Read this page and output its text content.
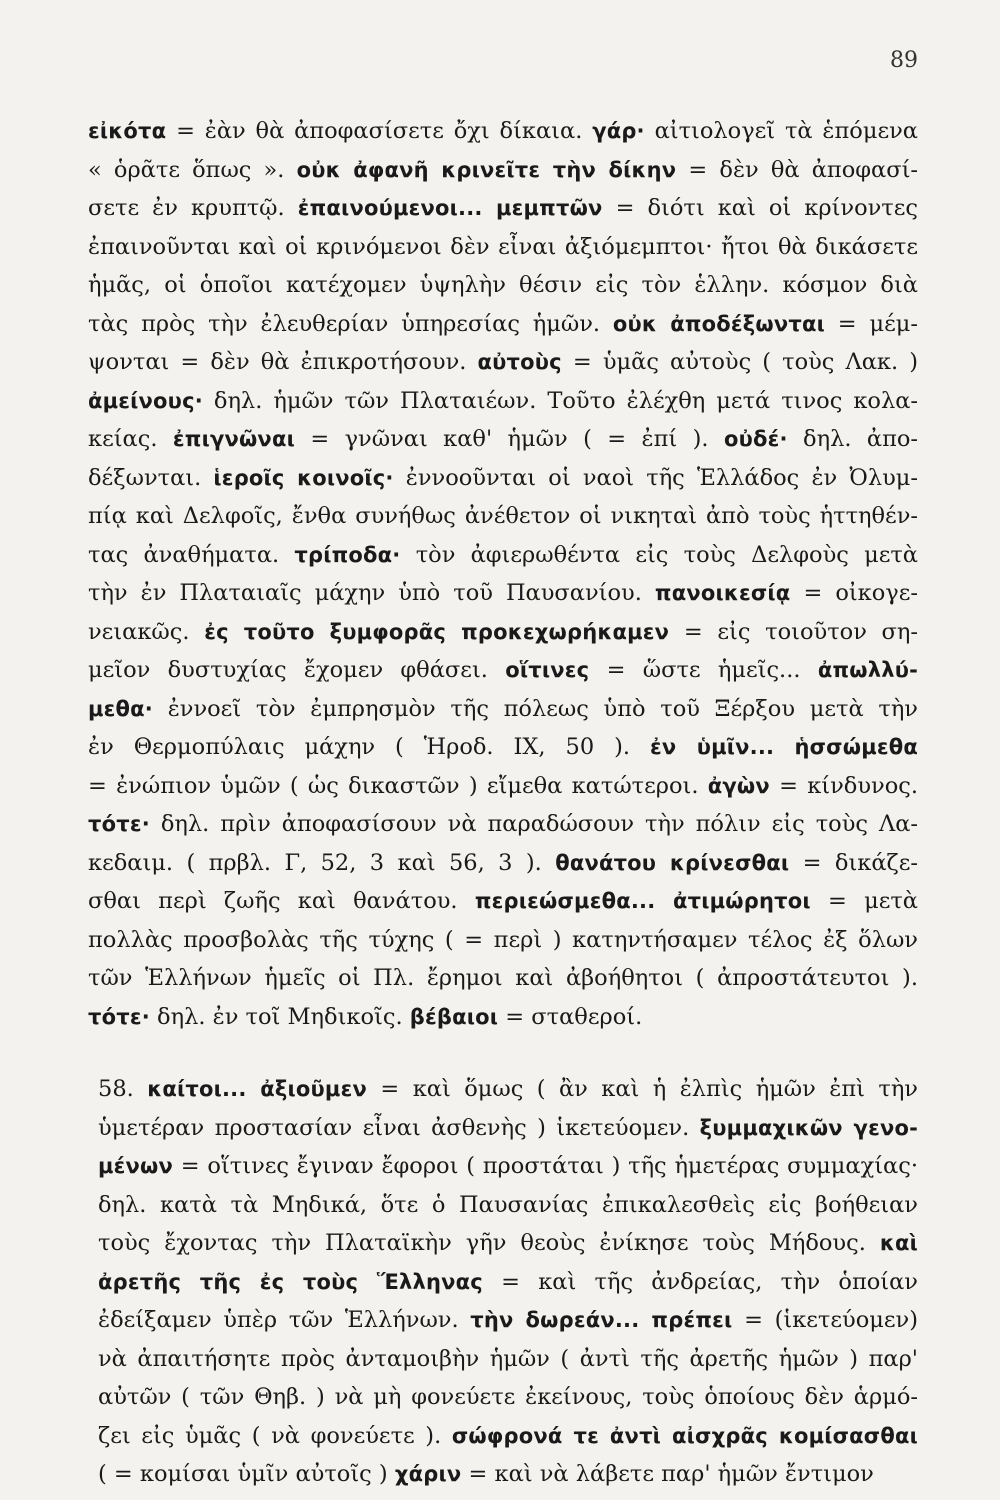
89

εἰκότα = ἐὰν θὰ ἀποφασίσετε ὄχι δίκαια. γάρ· αἰτιολογεῖ τὰ ἑπόμενα
« ὁρᾶτε ὅπως ». οὐκ ἀφανῆ κρινεῖτε τὴν δίκην = δὲν θὰ ἀποφασί-
σετε ἐν κρυπτῷ. ἐπαινούμενοι... μεμπτῶν = διότι καὶ οἱ κρίνοντες
ἐπαινοῦνται καὶ οἱ κρινόμενοι δὲν εἶναι ἀξιόμεμπτοι· ἤτοι θὰ δικάσετε
ἡμᾶς, οἱ ὁποῖοι κατέχομεν ὑψηλὴν θέσιν εἰς τὸν ἑλλην. κόσμον διὰ
τὰς πρὸς τὴν ἐλευθερίαν ὑπηρεσίας ἡμῶν. οὐκ ἀποδέξωνται = μέμ-
ψονται = δὲν θὰ ἐπικροτήσουν. αὐτοὺς = ὑμᾶς αὐτοὺς ( τοὺς Λακ. )
ἀμείνους· δηλ. ἡμῶν τῶν Πλαταιέων. Τοῦτο ἐλέχθη μετά τινος κολα-
κείας. ἐπιγνῶναι = γνῶναι καθ' ἡμῶν ( = ἐπί ). οὐδέ· δηλ. ἀπο-
δέξωνται. ἱεροῖς κοινοῖς· ἐννοοῦνται οἱ ναοὶ τῆς Ἑλλάδος ἐν Ὀλυμ-
πίᾳ καὶ Δελφοῖς, ἔνθα συνήθως ἀνέθετον οἱ νικηταὶ ἀπὸ τοὺς ἡττηθέν-
τας ἀναθήματα. τρίποδα· τὸν ἀφιερωθέντα εἰς τοὺς Δελφοὺς μετὰ
τὴν ἐν Πλαταιαῖς μάχην ὑπὸ τοῦ Παυσανίου. πανοικεσίᾳ = οἰκογε-
νειακῶς. ἐς τοῦτο ξυμφορᾶς προκεχωρήκαμεν = εἰς τοιοῦτον ση-
μεῖον δυστυχίας ἔχομεν φθάσει. οἵτινες = ὥστε ἡμεῖς... ἀπωλλύ-
μεθα· ἐννοεῖ τὸν ἐμπρησμὸν τῆς πόλεως ὑπὸ τοῦ Ξέρξου μετὰ τὴν
ἐν Θερμοπύλαις μάχην ( Ἡροδ. IX, 50 ). ἐν ὑμῖν... ἡσσώμεθα
= ἐνώπιον ὑμῶν ( ὡς δικαστῶν ) εἴμεθα κατώτεροι. ἀγὼν = κίνδυνος.
τότε· δηλ. πρὶν ἀποφασίσουν νὰ παραδώσουν τὴν πόλιν εἰς τοὺς Λα-
κεδαιμ. ( πρβλ. Γ, 52, 3 καὶ 56, 3 ). θανάτου κρίνεσθαι = δικάζε-
σθαι περὶ ζωῆς καὶ θανάτου. περιεώσμεθα... ἀτιμώρητοι = μετὰ
πολλὰς προσβολὰς τῆς τύχης ( = περὶ ) κατηντήσαμεν τέλος ἐξ ὅλων
τῶν Ἑλλήνων ἡμεῖς οἱ Πλ. ἔρημοι καὶ ἀβοήθητοι ( ἀπροστάτευτοι ).
τότε· δηλ. ἐν τοῖ Μηδικοῖς. βέβαιοι = σταθεροί.

58. καίτοι... ἀξιοῦμεν = καὶ ὅμως ( ἂν καὶ ἡ ἐλπὶς ἡμῶν ἐπὶ τὴν
ὑμετέραν προστασίαν εἶναι ἀσθενὴς ) ἱκετεύομεν. ξυμμαχικῶν γενο-
μένων = οἵτινες ἔγιναν ἔφοροι ( προστάται ) τῆς ἡμετέρας συμμαχίας·
δηλ. κατὰ τὰ Μηδικά, ὅτε ὁ Παυσανίας ἐπικαλεσθεὶς εἰς βοήθειαν
τοὺς ἔχοντας τὴν Πλαταϊκὴν γῆν θεοὺς ἐνίκησε τοὺς Μήδους. καὶ
ἀρετῆς τῆς ἐς τοὺς Ἕλληνας = καὶ τῆς ἀνδρείας, τὴν ὁποίαν
ἐδείξαμεν ὑπὲρ τῶν Ἑλλήνων. τὴν δωρεάν... πρέπει = (ἱκετεύομεν)
νὰ ἀπαιτήσητε πρὸς ἀνταμοιβὴν ἡμῶν ( ἀντὶ τῆς ἀρετῆς ἡμῶν ) παρ'
αὐτῶν ( τῶν Θηβ. ) νὰ μὴ φονεύετε ἐκείνους, τοὺς ὁποίους δὲν ἁρμό-
ζει εἰς ὑμᾶς ( νὰ φονεύετε ). σώφρονά τε ἀντὶ αἰσχρᾶς κομίσασθαι
( = κομίσαι ὑμῖν αὐτοῖς ) χάριν = καὶ νὰ λάβετε παρ' ἡμῶν ἔντιμον
